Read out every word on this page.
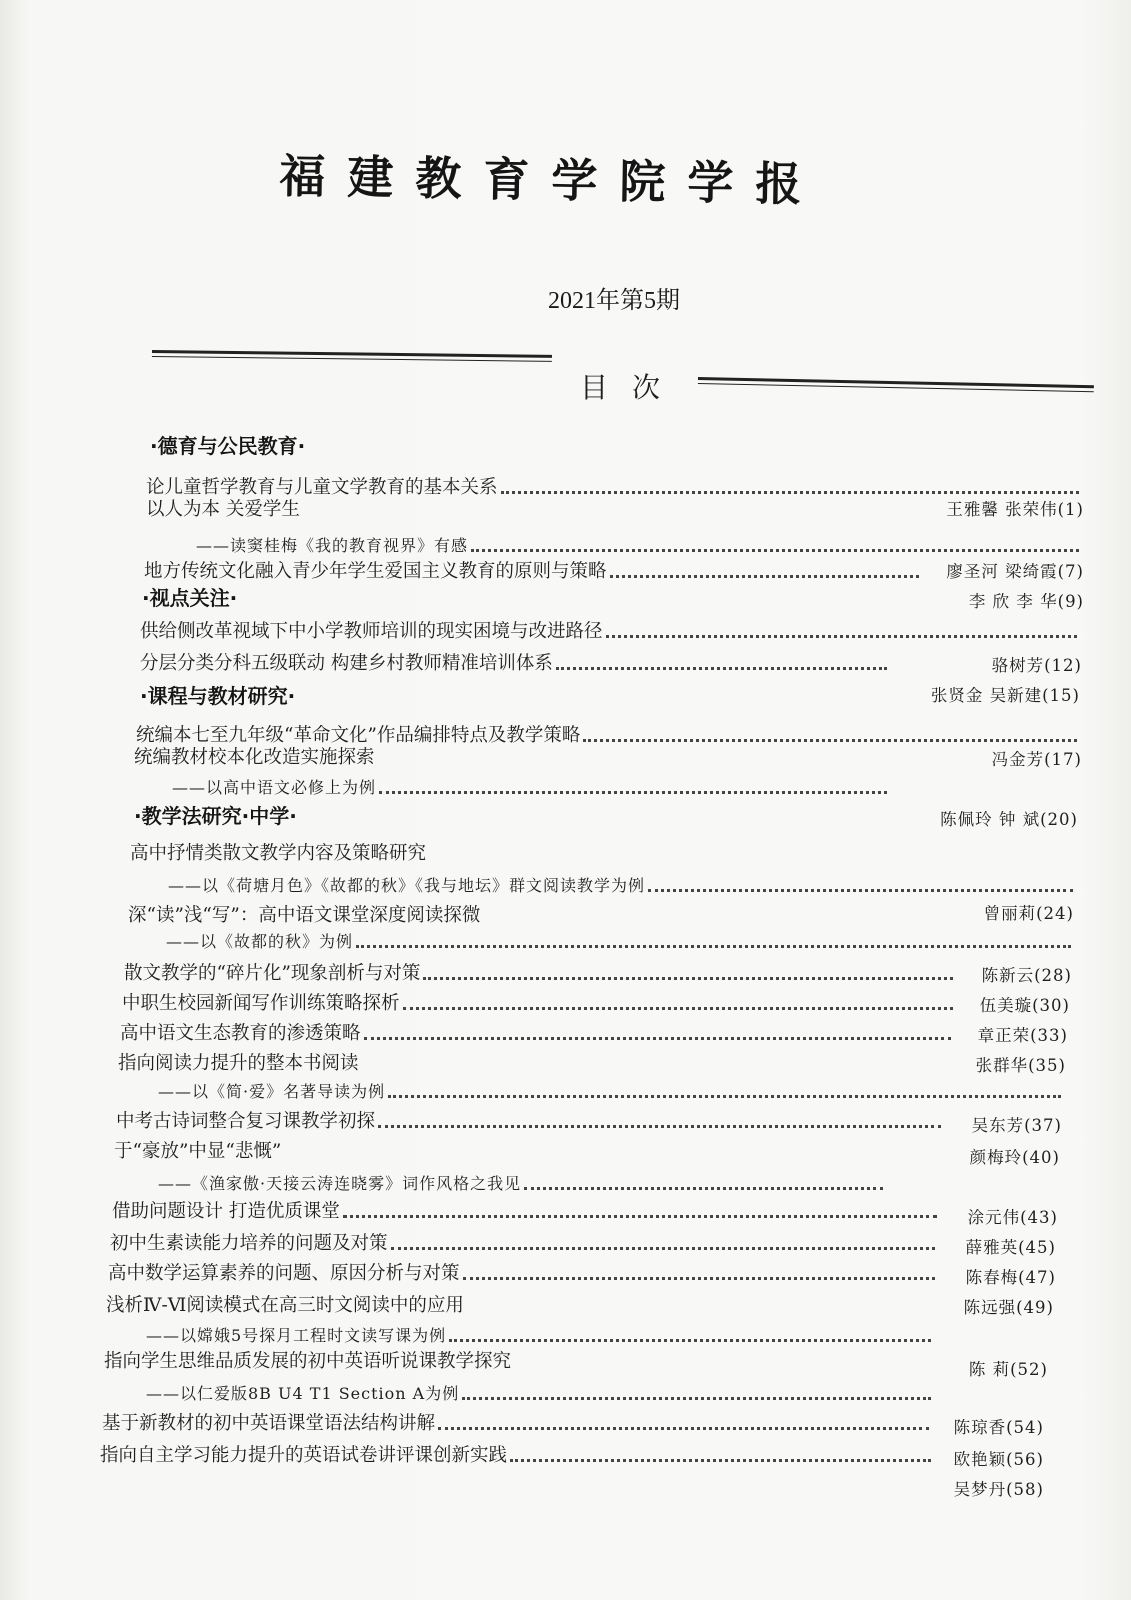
福建教育学院学报
2021年第5期
目次
·德育与公民教育·
·视点关注·
·课程与教材研究·
·教学法研究·中学·
论儿童哲学教育与儿童文学教育的基本关系
王雅馨 张荣伟(1)
以人为本 关爱学生
——读窦桂梅《我的教育视界》有感
廖圣河 梁绮霞(7)
地方传统文化融入青少年学生爱国主义教育的原则与策略
李 欣 李 华(9)
供给侧改革视域下中小学教师培训的现实困境与改进路径
骆树芳(12)
分层分类分科五级联动 构建乡村教师精准培训体系
张贤金 吴新建(15)
统编本七至九年级“革命文化”作品编排特点及教学策略
冯金芳(17)
统编教材校本化改造实施探索
——以高中语文必修上为例
陈佩玲 钟 斌(20)
高中抒情类散文教学内容及策略研究
——以《荷塘月色》《故都的秋》《我与地坛》群文阅读教学为例
曾丽莉(24)
深“读”浅“写”：高中语文课堂深度阅读探微
——以《故都的秋》为例
陈新云(28)
散文教学的“碎片化”现象剖析与对策
伍美璇(30)
中职生校园新闻写作训练策略探析
章正荣(33)
高中语文生态教育的渗透策略
张群华(35)
指向阅读力提升的整本书阅读
——以《简·爱》名著导读为例
吴东芳(37)
中考古诗词整合复习课教学初探
颜梅玲(40)
于“豪放”中显“悲慨”
——《渔家傲·天接云涛连晓雾》词作风格之我见
涂元伟(43)
借助问题设计 打造优质课堂
薛雅英(45)
初中生素读能力培养的问题及对策
陈春梅(47)
高中数学运算素养的问题、原因分析与对策
陈远强(49)
浅析Ⅳ-Ⅵ阅读模式在高三时文阅读中的应用
——以嫦娥5号探月工程时文读写课为例
陈 莉(52)
指向学生思维品质发展的初中英语听说课教学探究
——以仁爱版8B U4 T1 Section A为例
陈琼香(54)
基于新教材的初中英语课堂语法结构讲解
欧艳颖(56)
指向自主学习能力提升的英语试卷讲评课创新实践
吴梦丹(58)
